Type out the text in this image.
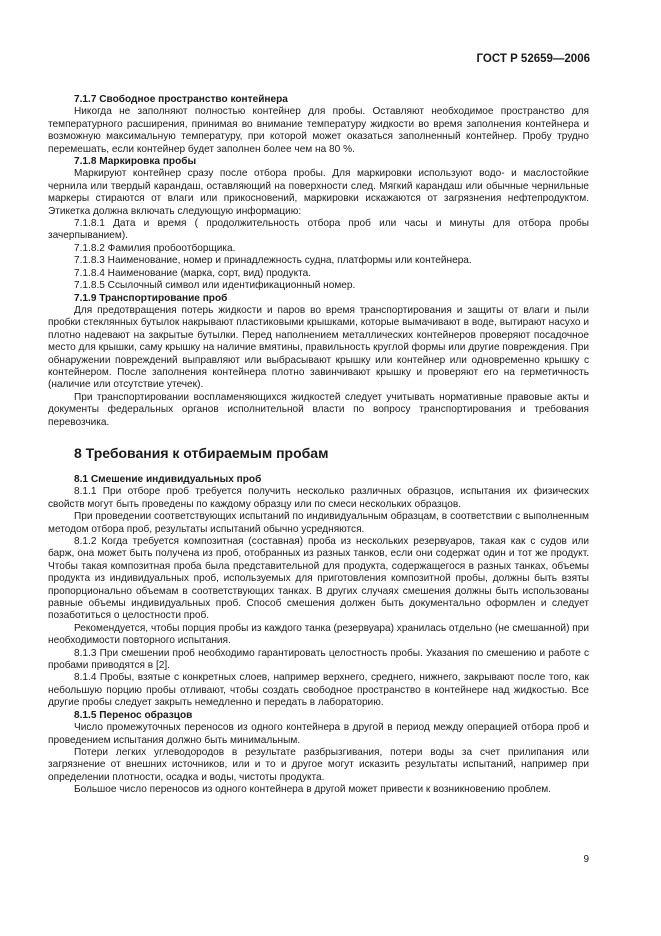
ГОСТ Р 52659—2006

7.1.7 Свободное пространство контейнера

Никогда не заполняют полностью контейнер для пробы. Оставляют необходимое пространство для температурного расширения, принимая во внимание температуру жидкости во время заполнения контейнера и возможную максимальную температуру, при которой может оказаться заполненный контейнер. Пробу трудно перемешать, если контейнер будет заполнен более чем на 80 %.

7.1.8 Маркировка пробы

Маркируют контейнер сразу после отбора пробы. Для маркировки используют водо- и маслостойкие чернила или твердый карандаш, оставляющий на поверхности след. Мягкий карандаш или обычные чернильные маркеры стираются от влаги или прикосновений, маркировки искажаются от загрязнения нефтепродуктом. Этикетка должна включать следующую информацию:

7.1.8.1 Дата и время ( продолжительность отбора проб или часы и минуты для отбора пробы зачерпыванием).

7.1.8.2 Фамилия пробоотборщика.

7.1.8.3 Наименование, номер и принадлежность судна, платформы или контейнера.

7.1.8.4 Наименование (марка, сорт, вид) продукта.

7.1.8.5 Ссылочный символ или идентификационный номер.

7.1.9 Транспортирование проб

Для предотвращения потерь жидкости и паров во время транспортирования и защиты от влаги и пыли пробки стеклянных бутылок накрывают пластиковыми крышками, которые вымачивают в воде, вытирают насухо и плотно надевают на закрытые бутылки. Перед наполнением металлических контейнеров проверяют посадочное место для крышки, саму крышку на наличие вмятины, правильность круглой формы или другие повреждения. При обнаружении повреждений выправляют или выбрасывают крышку или контейнер или одновременно крышку с контейнером. После заполнения контейнера плотно завинчивают крышку и проверяют его на герметичность (наличие или отсутствие утечек).

При транспортировании воспламеняющихся жидкостей следует учитывать нормативные правовые акты и документы федеральных органов исполнительной власти по вопросу транспортирования и требования перевозчика.

8 Требования к отбираемым пробам

8.1 Смешение индивидуальных проб

8.1.1 При отборе проб требуется получить несколько различных образцов, испытания их физических свойств могут быть проведены по каждому образцу или по смеси нескольких образцов.

При проведении соответствующих испытаний по индивидуальным образцам, в соответствии с выполненным методом отбора проб, результаты испытаний обычно усредняются.

8.1.2 Когда требуется композитная (составная) проба из нескольких резервуаров, такая как с судов или барж, она может быть получена из проб, отобранных из разных танков, если они содержат один и тот же продукт. Чтобы такая композитная проба была представительной для продукта, содержащегося в разных танках, объемы продукта из индивидуальных проб, используемых для приготовления композитной пробы, должны быть взяты пропорционально объемам в соответствующих танках. В других случаях смешения должны быть использованы равные объемы индивидуальных проб. Способ смешения должен быть документально оформлен и следует позаботиться о целостности проб.

Рекомендуется, чтобы порция пробы из каждого танка (резервуара) хранилась отдельно (не смешанной) при необходимости повторного испытания.

8.1.3 При смешении проб необходимо гарантировать целостность пробы. Указания по смешению и работе с пробами приводятся в [2].

8.1.4 Пробы, взятые с конкретных слоев, например верхнего, среднего, нижнего, закрывают после того, как небольшую порцию пробы отливают, чтобы создать свободное пространство в контейнере над жидкостью. Все другие пробы следует закрыть немедленно и передать в лабораторию.

8.1.5 Перенос образцов

Число промежуточных переносов из одного контейнера в другой в период между операцией отбора проб и проведением испытания должно быть минимальным.

Потери легких углеводородов в результате разбрызгивания, потери воды за счет прилипания или загрязнение от внешних источников, или и то и другое могут исказить результаты испытаний, например при определении плотности, осадка и воды, чистоты продукта.

Большое число переносов из одного контейнера в другой может привести к возникновению проблем.

9
